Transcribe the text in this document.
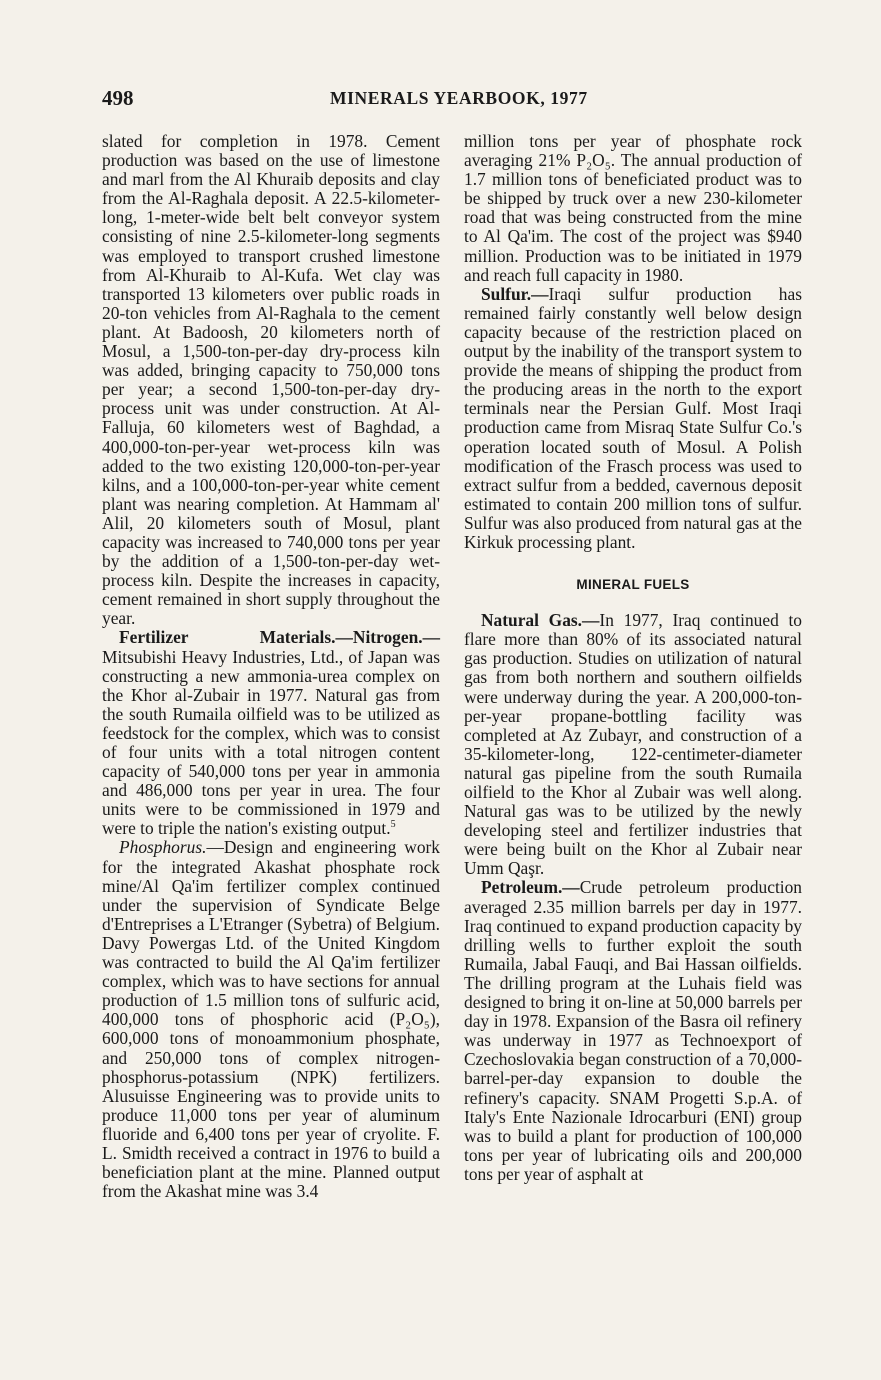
498	MINERALS YEARBOOK, 1977

slated for completion in 1978. Cement production was based on the use of limestone and marl from the Al Khuraib deposits and clay from the Al-Raghala deposit. A 22.5-kilometer-long, 1-meter-wide belt belt conveyor system consisting of nine 2.5-kilometer-long segments was employed to transport crushed limestone from Al-Khuraib to Al-Kufa. Wet clay was transported 13 kilometers over public roads in 20-ton vehicles from Al-Raghala to the cement plant. At Badoosh, 20 kilometers north of Mosul, a 1,500-ton-per-day dry-process kiln was added, bringing capacity to 750,000 tons per year; a second 1,500-ton-per-day dry-process unit was under construction. At Al-Falluja, 60 kilometers west of Baghdad, a 400,000-ton-per-year wet-process kiln was added to the two existing 120,000-ton-per-year kilns, and a 100,000-ton-per-year white cement plant was nearing completion. At Hammam al' Alil, 20 kilometers south of Mosul, plant capacity was increased to 740,000 tons per year by the addition of a 1,500-ton-per-day wet-process kiln. Despite the increases in capacity, cement remained in short supply throughout the year.

Fertilizer Materials.—Nitrogen.— Mitsubishi Heavy Industries, Ltd., of Japan was constructing a new ammonia-urea complex on the Khor al-Zubair in 1977. Natural gas from the south Rumaila oilfield was to be utilized as feedstock for the complex, which was to consist of four units with a total nitrogen content capacity of 540,000 tons per year in ammonia and 486,000 tons per year in urea. The four units were to be commissioned in 1979 and were to triple the nation's existing output.$^5$

Phosphorus.—Design and engineering work for the integrated Akashat phosphate rock mine/Al Qa'im fertilizer complex continued under the supervision of Syndicate Belge d'Entreprises a L'Etranger (Sybetra) of Belgium. Davy Powergas Ltd. of the United Kingdom was contracted to build the Al Qa'im fertilizer complex, which was to have sections for annual production of 1.5 million tons of sulfuric acid, 400,000 tons of phosphoric acid (P₂O₅), 600,000 tons of monoammonium phosphate, and 250,000 tons of complex nitrogen-phosphorus-potassium (NPK) fertilizers. Alusuisse Engineering was to provide units to produce 11,000 tons per year of aluminum fluoride and 6,400 tons per year of cryolite. F. L. Smidth received a contract in 1976 to build a beneficiation plant at the mine. Planned output from the Akashat mine was 3.4

million tons per year of phosphate rock averaging 21% P₂O₅. The annual production of 1.7 million tons of beneficiated product was to be shipped by truck over a new 230-kilometer road that was being constructed from the mine to Al Qa'im. The cost of the project was $940 million. Production was to be initiated in 1979 and reach full capacity in 1980.

Sulfur.—Iraqi sulfur production has remained fairly constantly well below design capacity because of the restriction placed on output by the inability of the transport system to provide the means of shipping the product from the producing areas in the north to the export terminals near the Persian Gulf. Most Iraqi production came from Misraq State Sulfur Co.'s operation located south of Mosul. A Polish modification of the Frasch process was used to extract sulfur from a bedded, cavernous deposit estimated to contain 200 million tons of sulfur. Sulfur was also produced from natural gas at the Kirkuk processing plant.

MINERAL FUELS

Natural Gas.—In 1977, Iraq continued to flare more than 80% of its associated natural gas production. Studies on utilization of natural gas from both northern and southern oilfields were underway during the year. A 200,000-ton-per-year propane-bottling facility was completed at Az Zubayr, and construction of a 35-kilometer-long, 122-centimeter-diameter natural gas pipeline from the south Rumaila oilfield to the Khor al Zubair was well along. Natural gas was to be utilized by the newly developing steel and fertilizer industries that were being built on the Khor al Zubair near Umm Qaşr.

Petroleum.—Crude petroleum production averaged 2.35 million barrels per day in 1977. Iraq continued to expand production capacity by drilling wells to further exploit the south Rumaila, Jabal Fauqi, and Bai Hassan oilfields. The drilling program at the Luhais field was designed to bring it on-line at 50,000 barrels per day in 1978. Expansion of the Basra oil refinery was underway in 1977 as Technoexport of Czechoslovakia began construction of a 70,000-barrel-per-day expansion to double the refinery's capacity. SNAM Progetti S.p.A. of Italy's Ente Nazionale Idrocarburi (ENI) group was to build a plant for production of 100,000 tons per year of lubricating oils and 200,000 tons per year of asphalt at
